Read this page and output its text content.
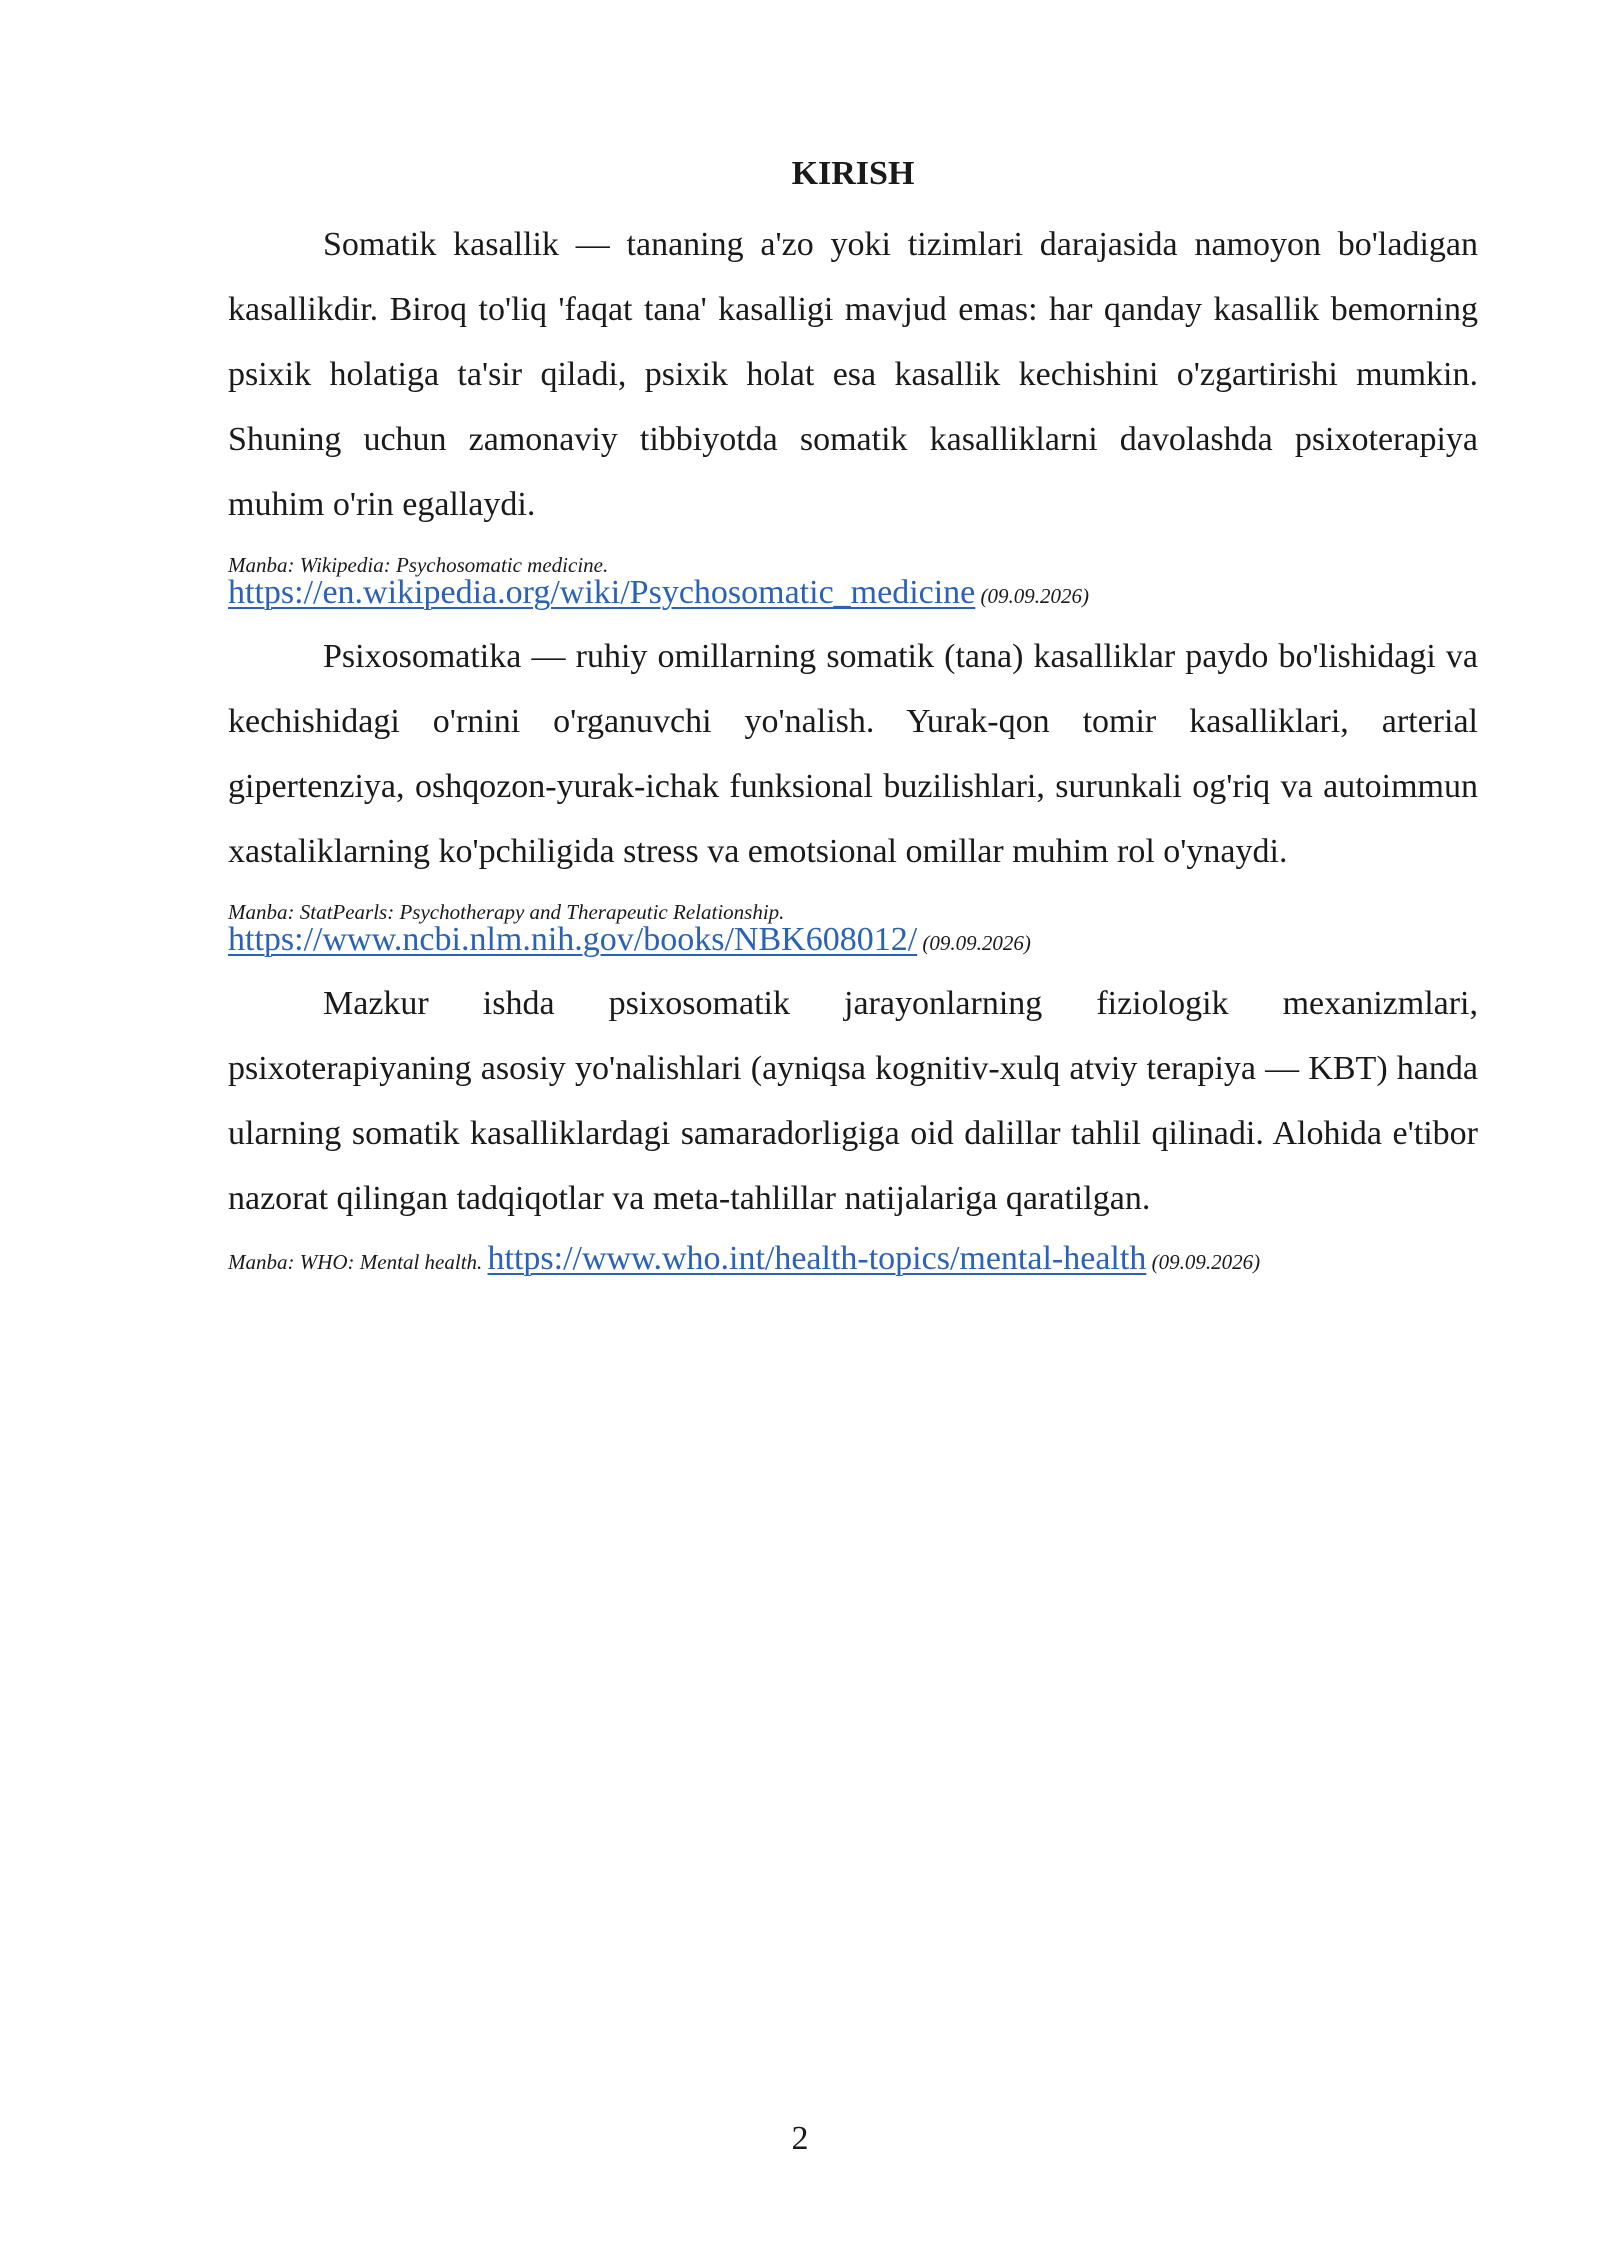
KIRISH

Somatik kasallik — tananing a'zo yoki tizimlari darajasida namoyon bo'ladigan kasallikdir. Biroq to'liq 'faqat tana' kasalligi mavjud emas: har qanday kasallik bemorning psixik holatiga ta'sir qiladi, psixik holat esa kasallik kechishini o'zgartirishi mumkin. Shuning uchun zamonaviy tibbiyotda somatik kasalliklarni davolashda psixoterapiya muhim o'rin egallaydi.

Manba: Wikipedia: Psychosomatic medicine.
https://en.wikipedia.org/wiki/Psychosomatic_medicine (09.09.2026)

Psixosomatika — ruhiy omillarning somatik (tana) kasalliklar paydo bo'lishidagi va kechishidagi o'rnini o'rganuvchi yo'nalish. Yurak-qon tomir kasalliklari, arterial gipertenziya, oshqozon-yurak-ichak funksional buzilishlari, surunkali og'riq va autoimmun xastaliklarning ko'pchiligida stress va emotsional omillar muhim rol o'ynaydi.

Manba: StatPearls: Psychotherapy and Therapeutic Relationship.
https://www.ncbi.nlm.nih.gov/books/NBK608012/ (09.09.2026)

Mazkur ishda psixosomatik jarayonlarning fiziologik mexanizmlari, psixoterapiyaning asosiy yo'nalishlari (ayniqsa kognitiv-xulq atviy terapiya — KBT) handa ularning somatik kasalliklardagi samaradorligiga oid dalillar tahlil qilinadi. Alohida e'tibor nazorat qilingan tadqiqotlar va meta-tahlillar natijalariga qaratilgan.

Manba: WHO: Mental health. https://www.who.int/health-topics/mental-health (09.09.2026)
2
